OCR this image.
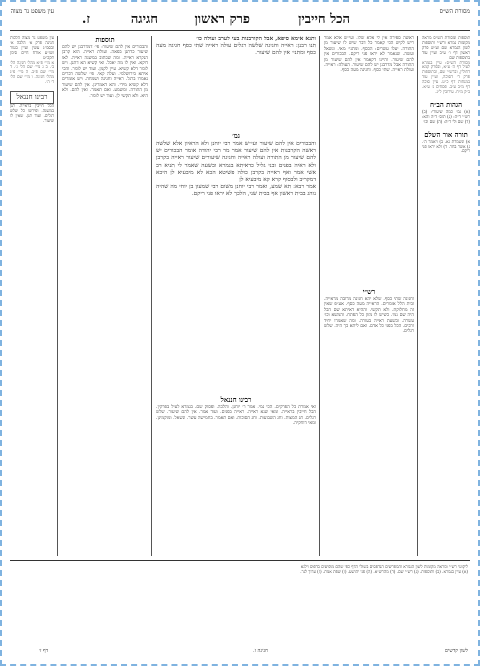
מסורת הש״ס
הכל חייבין
פרק ראשון
חגיגה
ז.
עין משפט נר מצוה
תוספות ומסורת הש״ס מראה מקומות גמרא ורש״י ותוספות לשון הגמרא שם וע״ש פרק ראשון דף ו׳ ע״ב ועיין עוד בתוספות שם
מסורת הש״ס: עיין בגמרא לעיל דף ה׳ ע״א, ובפרק קמא דחולין, וברש״י שם, ובתוספות פרק ד׳ דסוכה, ועיין עוד במנחות דף כ״ט. עיין סוכה דף מ״ב ע״ב. פסחים ג׳ ע״א. ב״ק מ״ח. עירובין ל״ג.
הגהות הב״ח
(א) גמ׳ כמה שיעורי: (ב) רש״י ד״ה: (ג) תוס׳ ד״ה והא: (ד) שם ולי ד״ה: (ה) שם וכו׳
תורה אור השלם
א) ונשמרת נא. ב) ויאמר ה׳. ג) אשר בחר. ד) ולא יראו פני ריקם.
ראשה ספירה אין לי אלא שלו. ועי״ש אלא אמר ריש לקיש הכי קאמר כל דבר שיש לו שיעור מן התורה. יעלו עשרים: הכסף. ומתני׳ מאי. ונשאל ועשה. שנאמר לא יראו פני ריקם. הבכורים אין להם שיעור. והיינו דקאמר אין להם שיעור מן התורה אבל מדרבנן יש להם שיעור. העולה: ראייה. ועולת ראייה. שתי כסף. וחגיגה מעה כסף.
רש״י
וחגיגה שתי כסף. שלא יהא חגיגה מרובה מראייה. ובית הלל אומרים. הראייה מעה כסף. אע״פ שאין זה מחלוקת. ולא תקשי. וההיא דאיתא שם הכל היה שם נמי. כשיש לו מזון כל הפתח. והמשא וכו׳ עשרה. ובשעת ראייה בעזרה. ומה שאמרו יחיד ורבים. הכל בפני כל אדם. ואם ליתא כך היה. שלש רגלים.
ותנא אימא סיפא, אבל הקורבנות בעי לערב ועולה כו׳
תנו רבנן: ראייה וחגיגה שלשה רגלים עולה ראייה שתי כסף חגיגה מעה כסף ומתני׳ אין להם שיעור.
גמ׳
והבכורים אין להם שיעור ועי״ש אמר רבי יוחנן ולא הראיון אלא שלשה ראשה הקרבנות אין להם שיעור אמר מר רבי יהודה אומר הבכורים יש להם שיעור מן התורה ועולה ראייה וחגיגה שיעורים שיעור ראייה בקרבן ולא ראיה בפנים ובני גליל כדאיתא בגמרא ובשעה שאמר לי תניא רב אשי אמר ואף ראייה בקרבן כולה פשיטא הכא לא מיבעיא לן היכא דמקריב ולבסוף קרא קא מיבעיא לן
אמר רבא: תא שמע, ואמר רבי יוחנן משום רבי שמעון בן יוחי מה שהיה נוהג בבית ראשון אף בבית שני, הלכך לא יראו פני ריקם.
רבינו חננאל
ואי אמרת כל הפרקים. הכי נמי. אמר ר׳ יוחנן. והלכה. ופסוק שם. בגמרא לעיל בפרקין. הכל חייבין בראייה. ומאי שנא ראייה. ראייה בפנים. ועוד אמר. אין להם שיעור. שלש רגלים. חג המצות. וחג השבועות. וחג הסוכות. ואם תאמר. בחמישה עשר. ונשאל. ומוקמינן. ומאי דוחקיה.
תוספות
והבכורים אין להם שיעור: פי׳ דמדרבנן יש להם שיעור כדתנן בפאה. ועולת ראייה. הוא קרבן הנקרא ראייה. ומה שכתוב במשנה ראייה. לאו דוקא. ואין לו מה יאכל. ואי קשיא הא דתנן. ויש לומר דלא קשיא. עיין לקמן. ועוד יש לומר. והכי איתא בירושלמי. ועלה קאי. פי׳ שלשה דברים נאמרו ברגל. ראייה וחגיגה ושמחה. ויש אומרים דלא קשיא מידי. והא דאמרינן. אין להם שיעור מן התורה. ומשמע. ואם תאמר. ואין להם. ולא היא. ולא תקשי לן. ועוד יש לומר.
עין משפט נר מצוה הלכות חגיגה פרק א׳ הלכה א׳ ובסמ״ג עשין ועיין בטור ושו״ע אורח חיים סימן תקכ״ט
א מיי׳ פ״א מהל׳ חגיגה הל׳ ב׳. ב ג מיי׳ שם הל׳ ג׳. ד מיי׳ שם פ״ב. ה מיי׳ פ״ג מהל׳ חגיגה. ו מיי׳ שם הל׳ ד׳ ה׳.
רבינו חננאל
הכל חייבין בראייה. תנן במשנה. ופירשו כל שלש רגלים. ועוד תנן. שאין לו שיעור.
ליקוטי רש״י ומראה מקומות לשון הגמרא והמפרשים הנדפסים בשולי הדף כפי שהם מופיעים בדפוס וילנא
(א) עיין בגמרא. (ב) ותוספות. (ג) רש״י שם. (ד) מהרש״א. (ה) פני יהושע. (ו) שפת אמת. (ז) ערוך לנר.
לשון קדשים
חגיגה ז.
דף ז׳
